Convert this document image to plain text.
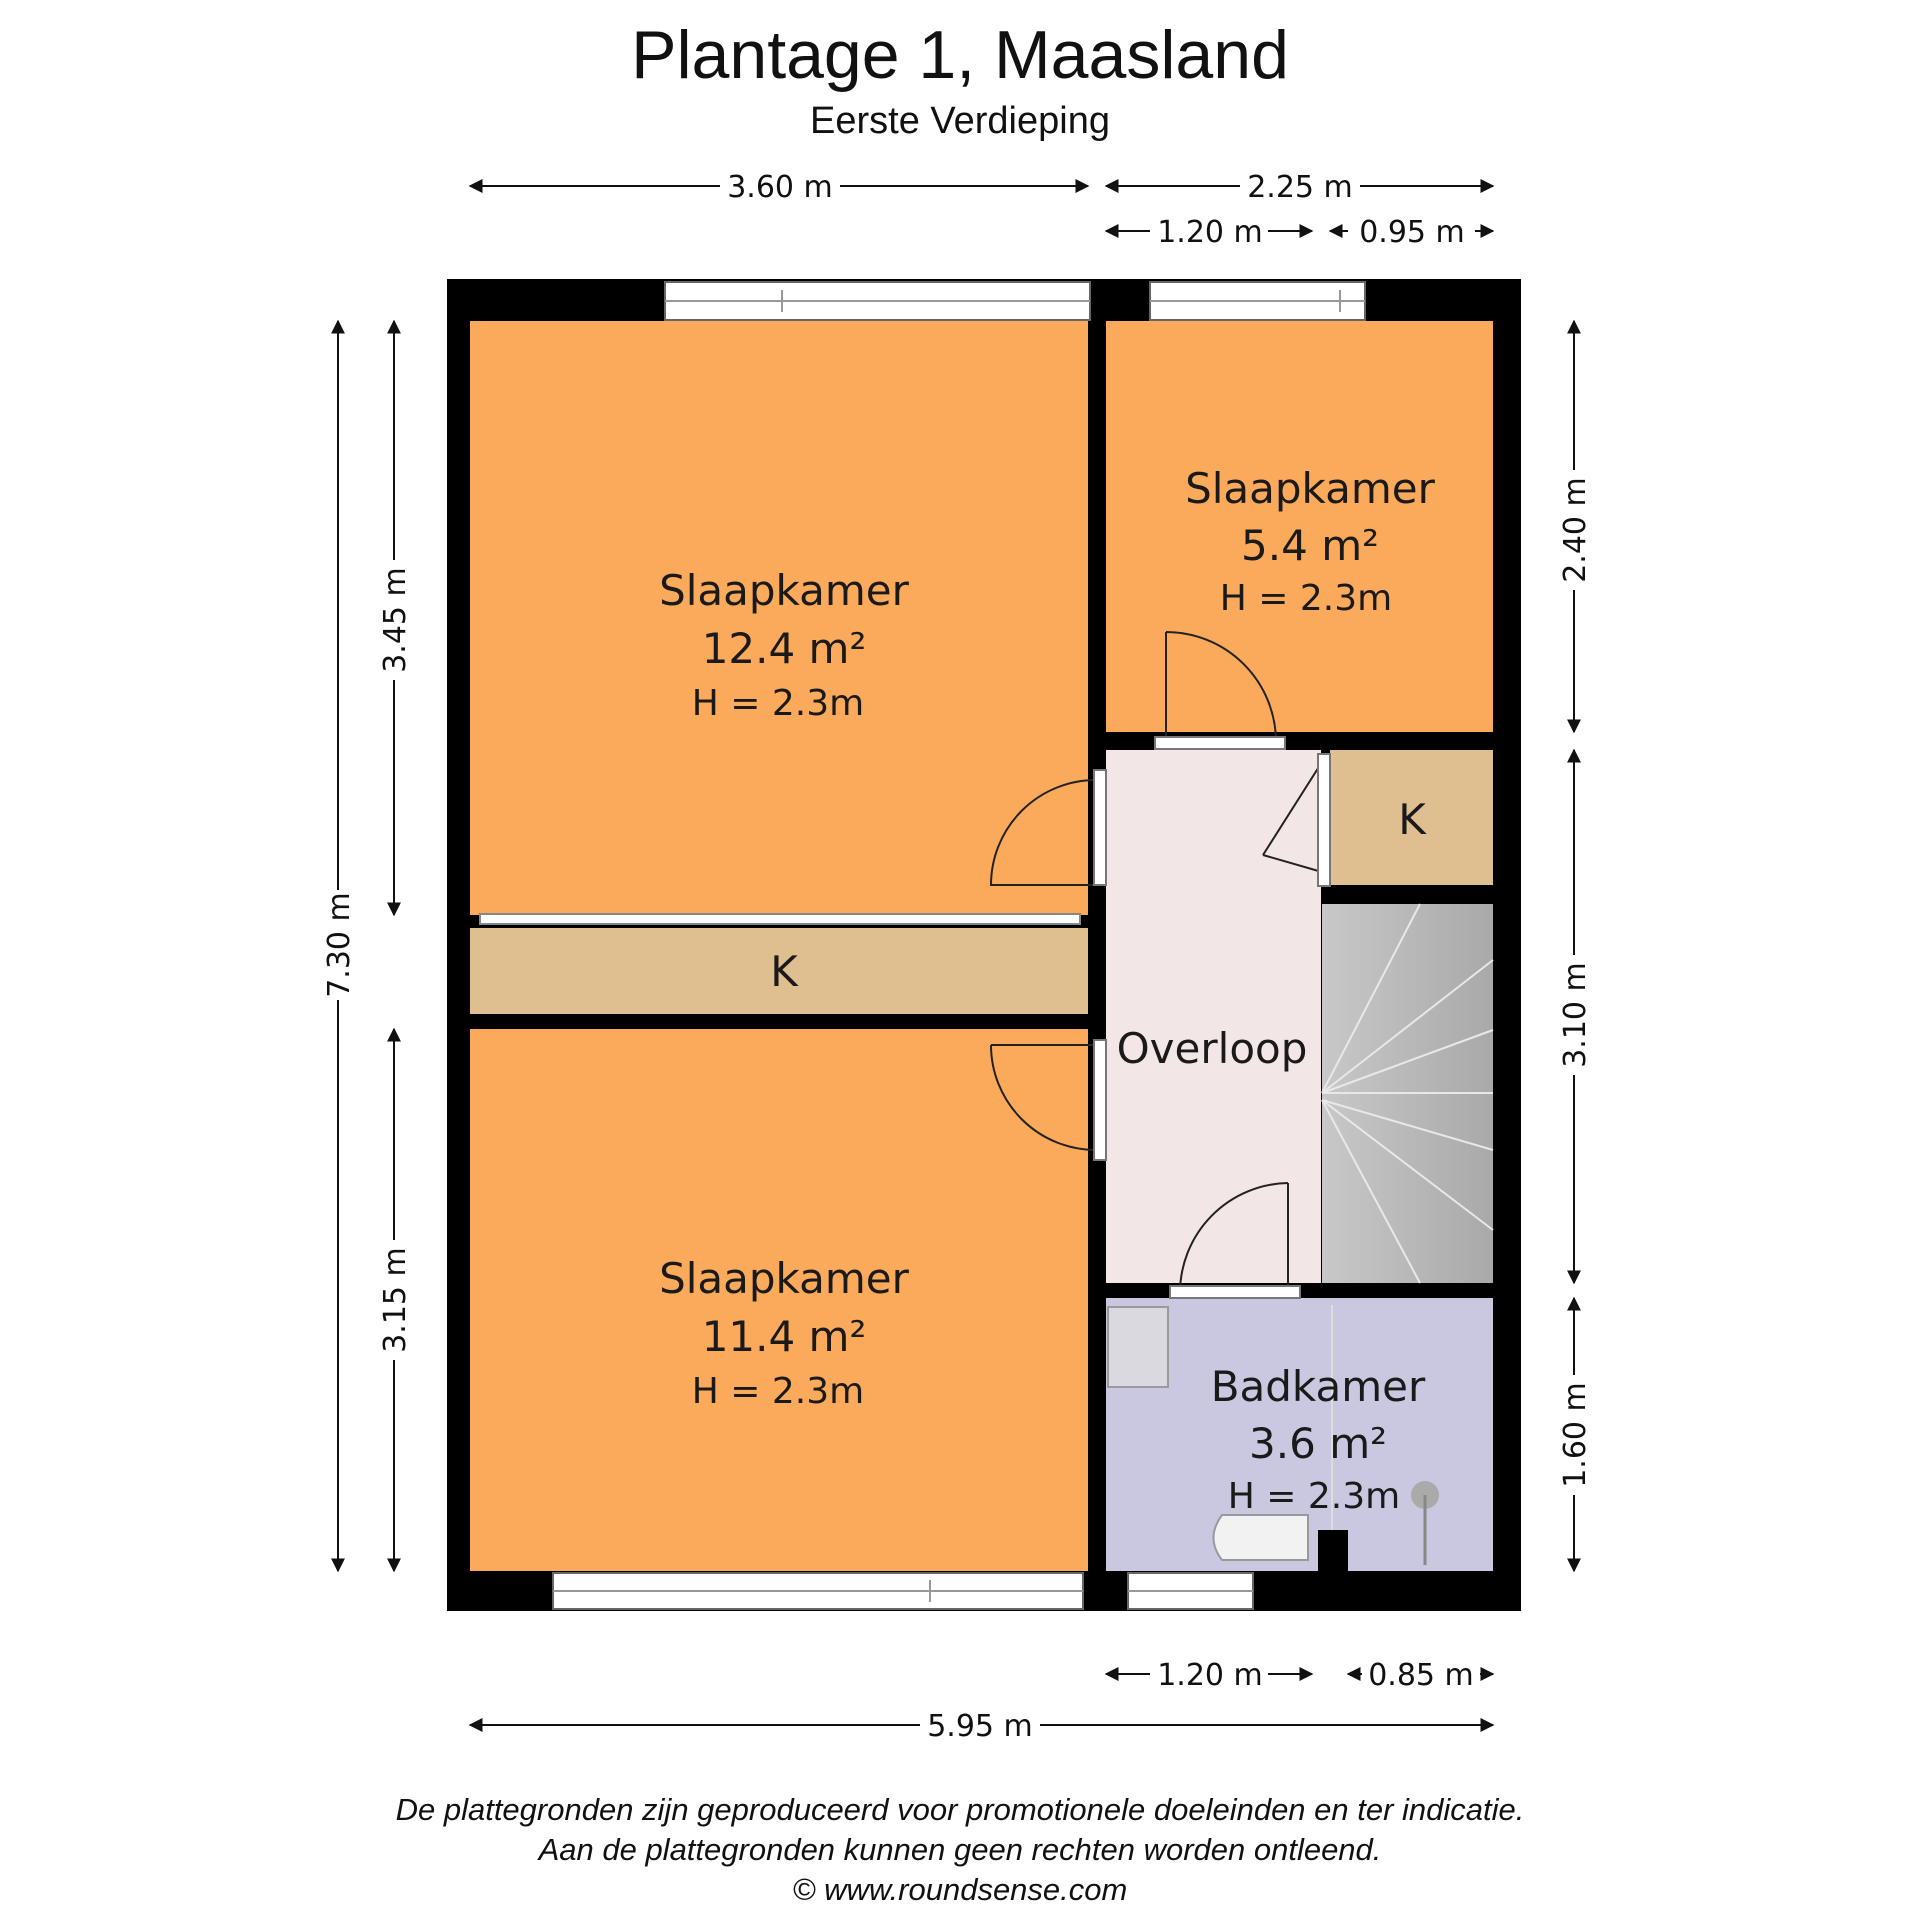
Plantage 1, Maasland
Eerste Verdieping
Slaapkamer
12.4 m²
H = 2.3m
Slaapkamer
5.4 m²
H = 2.3m
Slaapkamer
11.4 m²
H = 2.3m	Badkamer
3.6 m²
H = 2.3m
Overloop
K
K
3.60 m	2.25 m
1.20 m	0.95 m
7.30 m
3.45 m
3.15 m
2.40 m
3.10 m
1.60 m
1.20 m	0.85 m
5.95 m
De plattegronden zijn geproduceerd voor promotionele doeleinden en ter indicatie.
Aan de plattegronden kunnen geen rechten worden ontleend.
© www.roundsense.com
